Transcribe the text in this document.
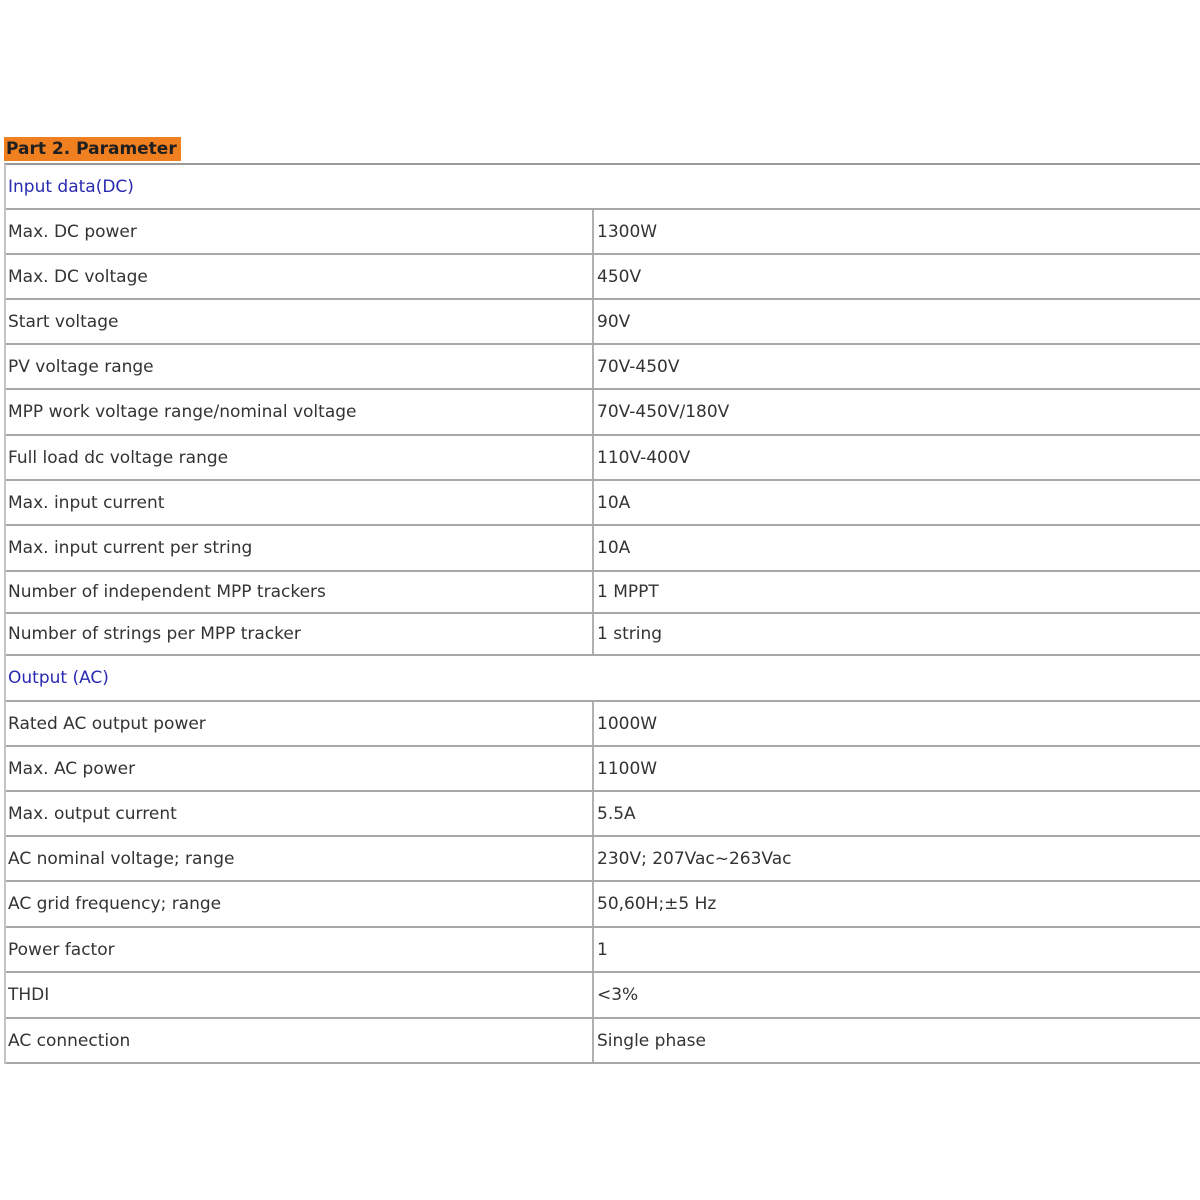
Part 2. Parameter
Input data(DC)
Max. DC power	1300W
Max. DC voltage	450V
Start voltage	90V
PV voltage range	70V-450V
MPP work voltage range/nominal voltage	70V-450V/180V
Full load dc voltage range	110V-400V
Max. input current	10A
Max. input current per string	10A
Number of independent MPP trackers	1 MPPT
Number of strings per MPP tracker	1 string
Output (AC)
Rated AC output power	1000W
Max. AC power	1100W
Max. output current	5.5A
AC nominal voltage; range	230V; 207Vac~263Vac
AC grid frequency; range	50,60H;±5 Hz
Power factor	1
THDI	<3%
AC connection	Single phase
